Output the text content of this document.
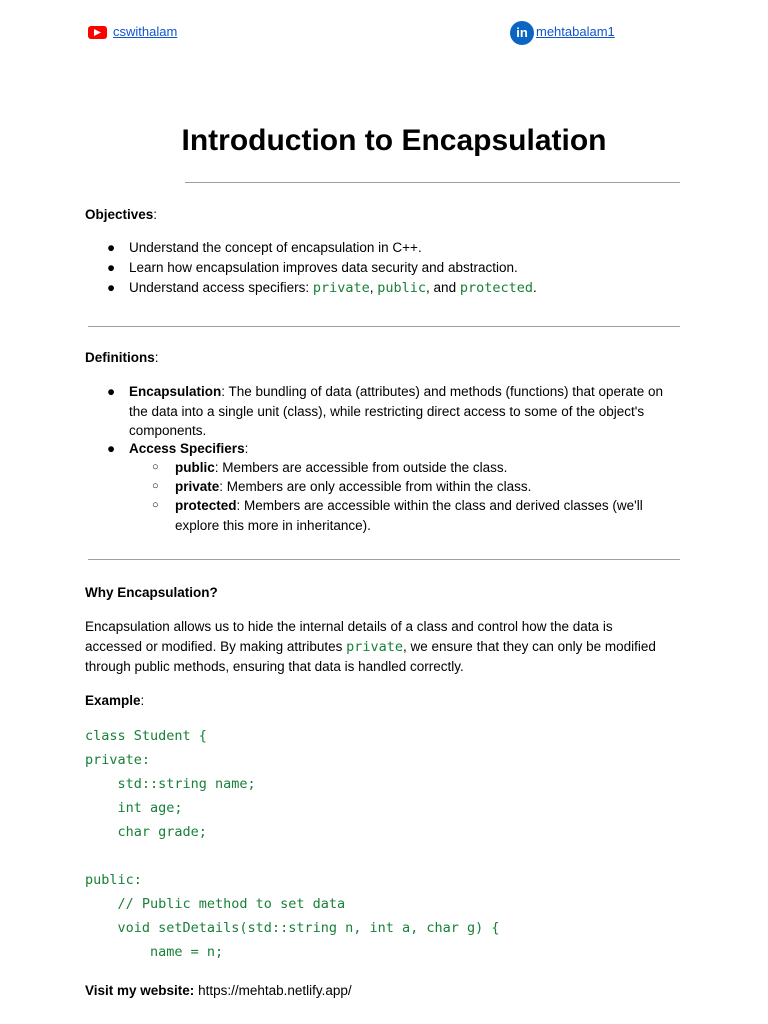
cswithalam	in mehtabalam1
Introduction to Encapsulation
Objectives:
● Understand the concept of encapsulation in C++.
● Learn how encapsulation improves data security and abstraction.
● Understand access specifiers: private, public, and protected.
Definitions:
● Encapsulation: The bundling of data (attributes) and methods (functions) that operate on
the data into a single unit (class), while restricting direct access to some of the object's
components.
● Access Specifiers:
○ public: Members are accessible from outside the class.
○ private: Members are only accessible from within the class.
○ protected: Members are accessible within the class and derived classes (we'll
explore this more in inheritance).
Why Encapsulation?
Encapsulation allows us to hide the internal details of a class and control how the data is
accessed or modified. By making attributes private, we ensure that they can only be modified
through public methods, ensuring that data is handled correctly.
Example:
class Student {
private:
std::string name;
int age;
char grade;
public:
// Public method to set data
void setDetails(std::string n, int a, char g) {
name = n;
Visit my website: https://mehtab.netlify.app/
